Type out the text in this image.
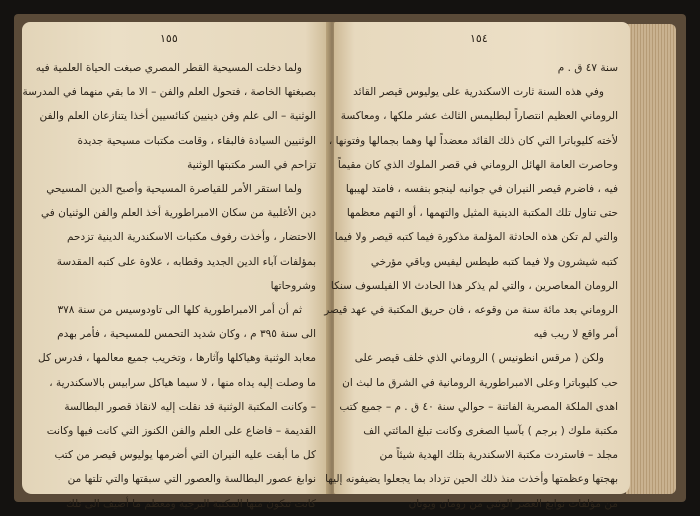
١٥٥

ولما دخلت المسيحية القطر المصري صبغت الحياة العلمية فيه

بصبغتها الخاصة ، فتحول العلم والفن – الا ما بقي منهما في المدرسة

الوثنية – الى علم وفن دينيين كنائسيين أخذا يتنازعان العلم والفن

الوثنيين السيادة فالبقاء ، وقامت مكتبات مسيحية جديدة

تزاحم في السر مكتبتها الوثنية

ولما استقر الأمر للقياصرة المسيحية وأصبح الدين المسيحي

دين الأغلبية من سكان الامبراطورية أخذ العلم والفن الوثنيان في

الاحتضار ، وأخذت رفوف مكتبات الاسكندرية الدينية تزدحم

بمؤلفات آباء الدين الجديد وقطابه ، علاوة على كتبه المقدسة

وشروحاتها

ثم أن أمر الامبراطورية كلها الى تاودوسيس من سنة ٣٧٨

الى سنة ٣٩٥ م ، وكان شديد التحمس للمسيحية ، فأمر بهدم

معابد الوثنية وهياكلها وآثارها ، وتخريب جميع معالمها ، فدرس كل

ما وصلت إليه يداه منها ، لا سيما هياكل سرابيس بالاسكندرية ،

– وكانت المكتبة الوثنية قد نقلت إليه لانقاذ قصور البطالسة

القديمة – فاضاع على العلم والفن الكنوز التي كانت فيها وكانت

كل ما أبقت عليه النيران التي أضرمها يوليوس قيصر من كتب

نوابغ عصور البطالسة والعصور التي سبقتها والتي تلتها من

كانت تتكون منها المكتبة البرجية ومعظم ما أضيف الى تلك

١٥٤

سنة ٤٧ ق . م

وفي هذه السنة ثارت الاسكندرية على يوليوس قيصر القائد

الروماني العظيم انتصاراً لبطليمس الثالث عشر ملكها ، ومعاكسة

لأخته كليوباترا التي كان ذلك القائد معضداً لها وهما بجمالها وفتونها ،

وحاصرت العامة الهائل الروماني في قصر الملوك الذي كان مقيماً

فيه ، فاضرم قيصر النيران في جوانبه لينجو بنفسه ، فامتد لهيبها

حتى تناول تلك المكتبة الدينية المثيل والتهمها ، أو التهم معظمها

والتي لم تكن هذه الحادثة المؤلمة مذكورة فيما كتبه قيصر ولا فيما

كتبه شيشرون ولا فيما كتبه طيطس ليفيس وباقي مؤرخي

الرومان المعاصرين ، والتي لم يذكر هذا الحادث الا الفيلسوف سنكا

الروماني بعد مائة سنة من وقوعه ، فان حريق المكتبة في عهد قيصر

أمر واقع لا ريب فيه

ولكن ( مرقس انطونيس ) الروماني الذي خلف قيصر على

حب كليوباترا وعلى الامبراطورية الرومانية في الشرق ما لبث ان

اهدى الملكة المصرية الفاتنة – حوالي سنة ٤٠ ق . م – جميع كتب

مكتبة ملوك ( برجم ) بآسيا الصغرى وكانت تبلغ المائتي الف

مجلد – فاستردت مكتبة الاسكندرية بتلك الهدية شيئاً من

بهجتها وعظمتها وأخذت منذ ذلك الحين تزداد بما يجعلوا يضيفونه إليها

من مؤلفات نوابغ العصر الوثني من رومان ويونان
